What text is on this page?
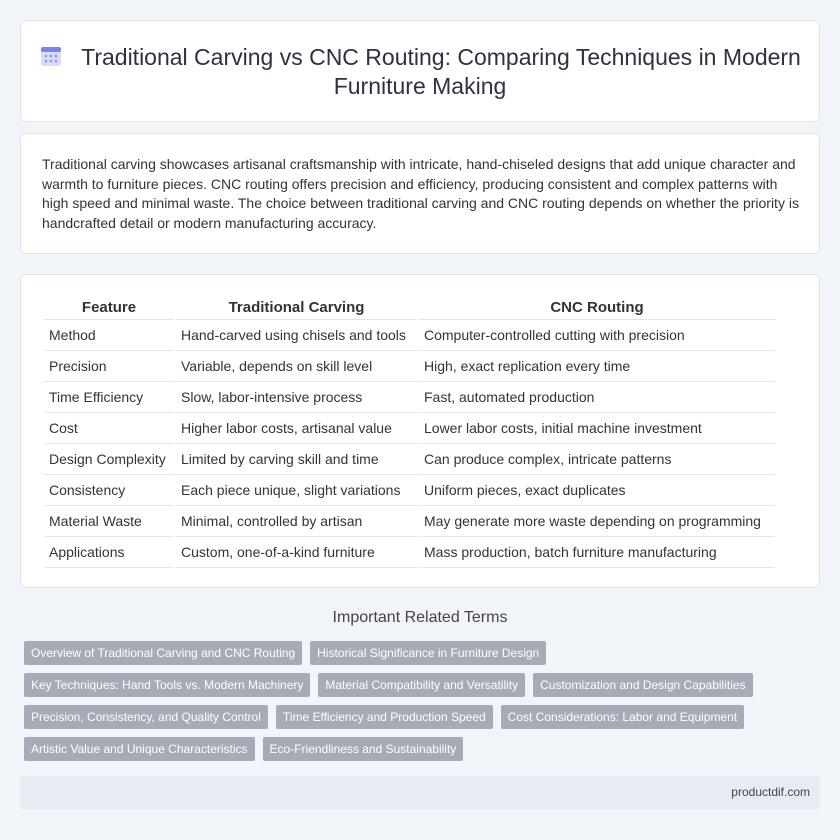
Traditional Carving vs CNC Routing: Comparing Techniques in Modern Furniture Making

Traditional carving showcases artisanal craftsmanship with intricate, hand-chiseled designs that add unique character and warmth to furniture pieces. CNC routing offers precision and efficiency, producing consistent and complex patterns with high speed and minimal waste. The choice between traditional carving and CNC routing depends on whether the priority is handcrafted detail or modern manufacturing accuracy.

Feature	Traditional Carving	CNC Routing
Method	Hand-carved using chisels and tools	Computer-controlled cutting with precision
Precision	Variable, depends on skill level	High, exact replication every time
Time Efficiency	Slow, labor-intensive process	Fast, automated production
Cost	Higher labor costs, artisanal value	Lower labor costs, initial machine investment
Design Complexity	Limited by carving skill and time	Can produce complex, intricate patterns
Consistency	Each piece unique, slight variations	Uniform pieces, exact duplicates
Material Waste	Minimal, controlled by artisan	May generate more waste depending on programming
Applications	Custom, one-of-a-kind furniture	Mass production, batch furniture manufacturing
Important Related Terms
Overview of Traditional Carving and CNC Routing	Historical Significance in Furniture Design
Key Techniques: Hand Tools vs. Modern Machinery	Material Compatibility and Versatility	Customization and Design Capabilities
Precision, Consistency, and Quality Control	Time Efficiency and Production Speed	Cost Considerations: Labor and Equipment
Artistic Value and Unique Characteristics	Eco-Friendliness and Sustainability
productdif.com
